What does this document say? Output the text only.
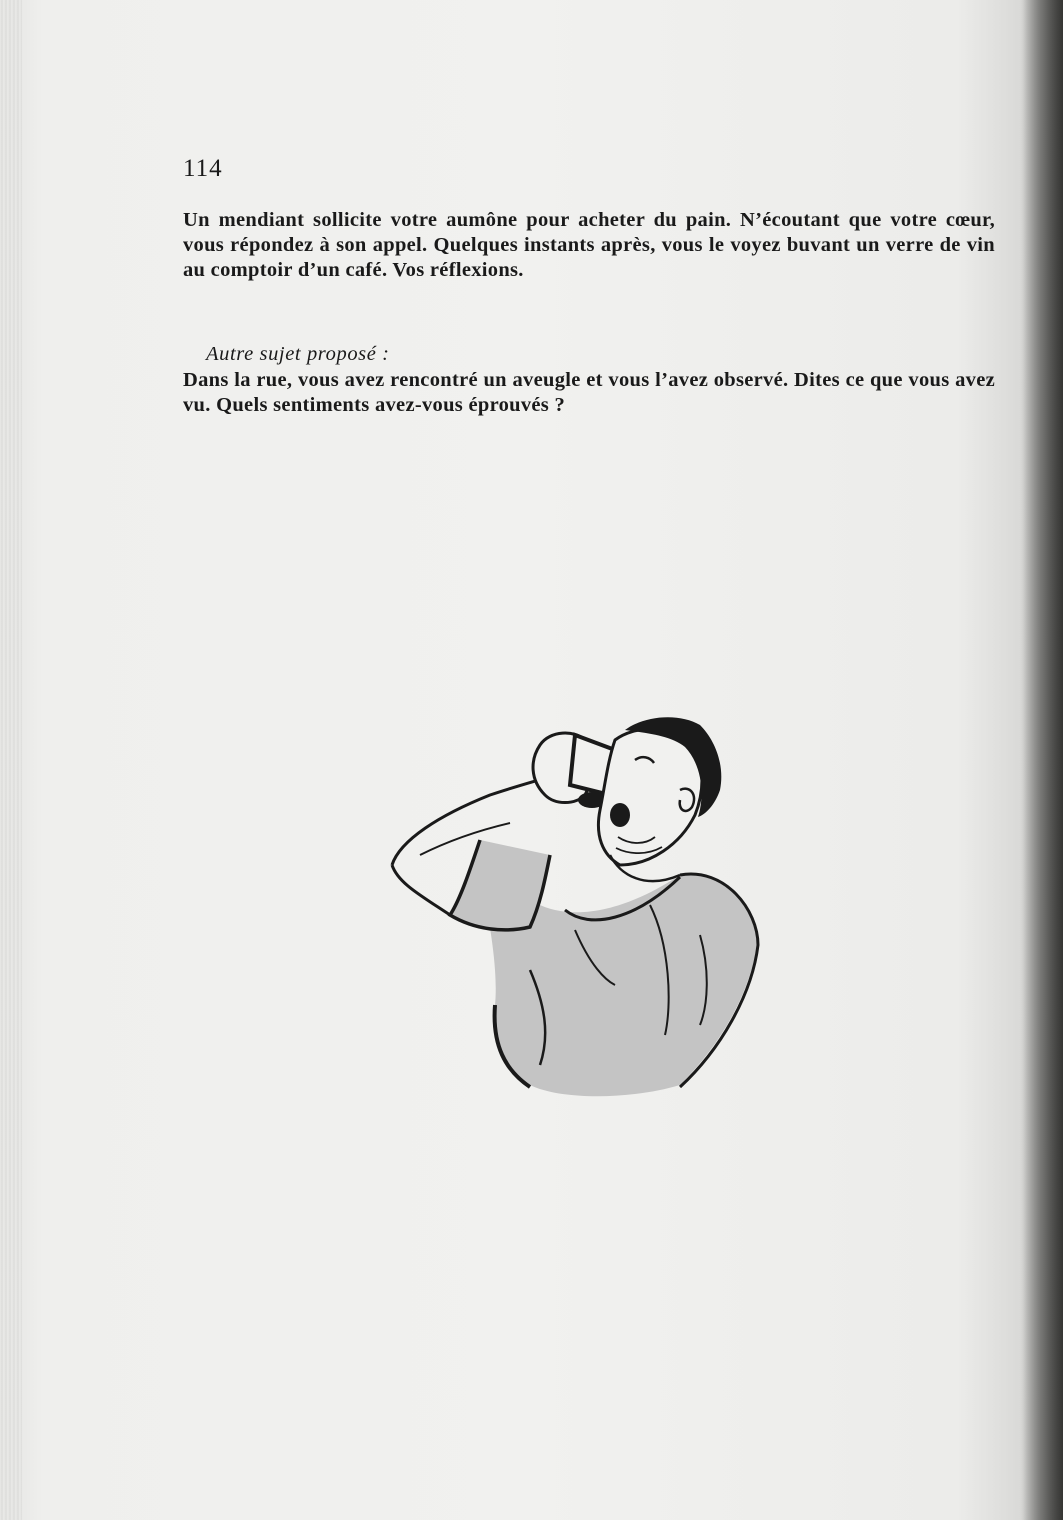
114
Un mendiant sollicite votre aumône pour acheter du pain. N’écoutant que votre cœur, vous répondez à son appel. Quelques instants après, vous le voyez buvant un verre de vin au comptoir d’un café. Vos réflexions.
Autre sujet proposé :
Dans la rue, vous avez rencontré un aveugle et vous l’avez observé. Dites ce que vous avez vu. Quels sentiments avez-vous éprouvés ?
